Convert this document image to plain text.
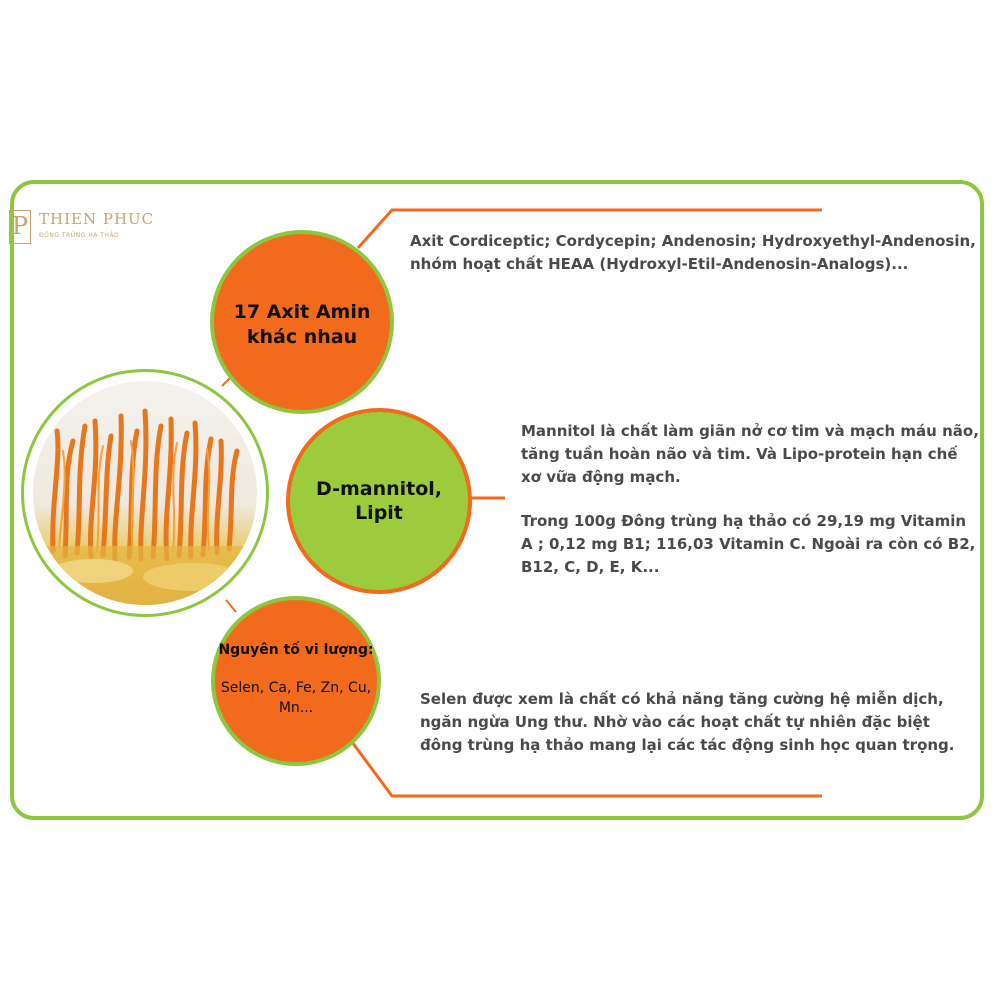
P THIEN PHUC
ĐÔNG TRÙNG HẠ THẢO
17 Axit Amin khác nhau
D-mannitol, Lipit
Nguyên tố vi lượng:
Selen, Ca, Fe, Zn, Cu, Mn...
Axit Cordiceptic; Cordycepin; Andenosin; Hydroxyethyl-Andenosin, nhóm hoạt chất HEAA (Hydroxyl-Etil-Andenosin-Analogs)...
Mannitol là chất làm giãn nở cơ tim và mạch máu não, tăng tuần hoàn não và tim. Và Lipo-protein hạn chế xơ vữa động mạch.
Trong 100g Đông trùng hạ thảo có 29,19 mg Vitamin A ; 0,12 mg B1; 116,03 Vitamin C. Ngoài ra còn có B2, B12, C, D, E, K...
Selen được xem là chất có khả năng tăng cường hệ miễn dịch, ngăn ngừa Ung thư. Nhờ vào các hoạt chất tự nhiên đặc biệt đông trùng hạ thảo mang lại các tác động sinh học quan trọng.
